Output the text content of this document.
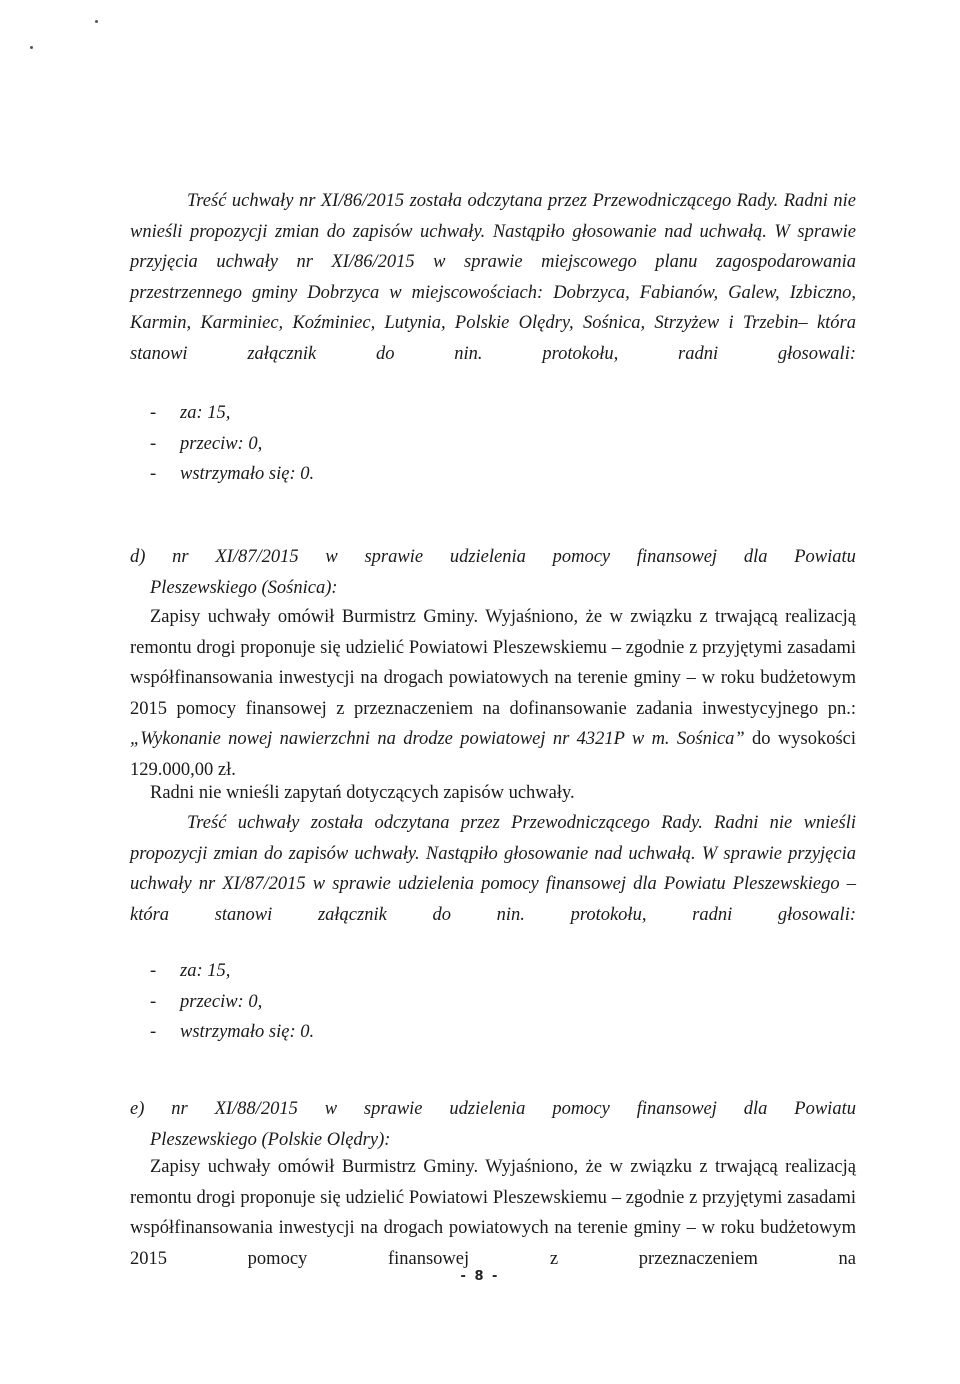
Treść uchwały nr XI/86/2015 została odczytana przez Przewodniczącego Rady. Radni nie wnieśli propozycji zmian do zapisów uchwały. Nastąpiło głosowanie nad uchwałą. W sprawie przyjęcia uchwały nr XI/86/2015 w sprawie miejscowego planu zagospodarowania przestrzennego gminy Dobrzyca w miejscowościach: Dobrzyca, Fabianów, Galew, Izbiczno, Karmin, Karminiec, Koźminiec, Lutynia, Polskie Olędry, Sośnica, Strzyżew i Trzebin– która stanowi załącznik do nin. protokołu, radni głosowali:

- za: 15,
- przeciw: 0,
- wstrzymało się: 0.
d) nr XI/87/2015 w sprawie udzielenia pomocy finansowej dla Powiatu
Pleszewskiego (Sośnica):

Zapisy uchwały omówił Burmistrz Gminy. Wyjaśniono, że w związku z trwającą realizacją remontu drogi proponuje się udzielić Powiatowi Pleszewskiemu – zgodnie z przyjętymi zasadami współfinansowania inwestycji na drogach powiatowych na terenie gminy – w roku budżetowym 2015 pomocy finansowej z przeznaczeniem na dofinansowanie zadania inwestycyjnego pn.: „Wykonanie nowej nawierzchni na drodze powiatowej nr 4321P w m. Sośnica” do wysokości 129.000,00 zł.

Radni nie wnieśli zapytań dotyczących zapisów uchwały.

Treść uchwały została odczytana przez Przewodniczącego Rady. Radni nie wnieśli propozycji zmian do zapisów uchwały. Nastąpiło głosowanie nad uchwałą. W sprawie przyjęcia uchwały nr XI/87/2015 w sprawie udzielenia pomocy finansowej dla Powiatu Pleszewskiego – która stanowi załącznik do nin. protokołu, radni głosowali:

- za: 15,
- przeciw: 0,
- wstrzymało się: 0.
e) nr XI/88/2015 w sprawie udzielenia pomocy finansowej dla Powiatu
Pleszewskiego (Polskie Olędry):

Zapisy uchwały omówił Burmistrz Gminy. Wyjaśniono, że w związku z trwającą realizacją remontu drogi proponuje się udzielić Powiatowi Pleszewskiemu – zgodnie z przyjętymi zasadami współfinansowania inwestycji na drogach powiatowych na terenie gminy – w roku budżetowym 2015 pomocy finansowej z przeznaczeniem na

- 8 -
